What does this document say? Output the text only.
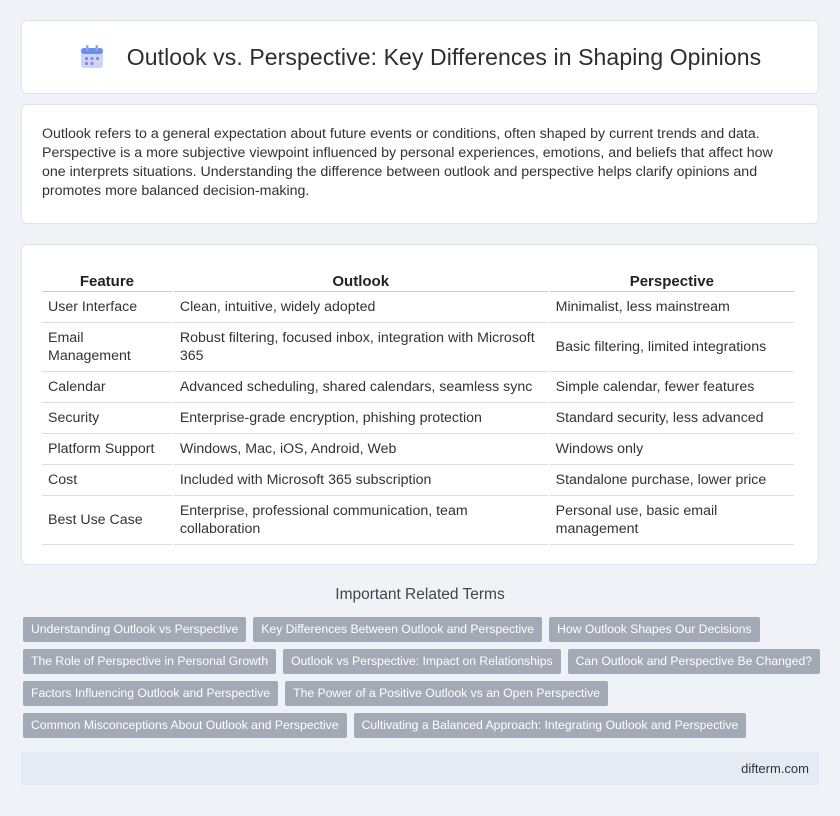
Outlook vs. Perspective: Key Differences in Shaping Opinions

Outlook refers to a general expectation about future events or conditions, often shaped by current trends and data. Perspective is a more subjective viewpoint influenced by personal experiences, emotions, and beliefs that affect how one interprets situations. Understanding the difference between outlook and perspective helps clarify opinions and promotes more balanced decision-making.

Feature	Outlook	Perspective
User Interface	Clean, intuitive, widely adopted	Minimalist, less mainstream
Email Management	Robust filtering, focused inbox, integration with Microsoft 365	Basic filtering, limited integrations
Calendar	Advanced scheduling, shared calendars, seamless sync	Simple calendar, fewer features
Security	Enterprise-grade encryption, phishing protection	Standard security, less advanced
Platform Support	Windows, Mac, iOS, Android, Web	Windows only
Cost	Included with Microsoft 365 subscription	Standalone purchase, lower price
Best Use Case	Enterprise, professional communication, team collaboration	Personal use, basic email management
Important Related Terms
Understanding Outlook vs Perspective	Key Differences Between Outlook and Perspective	How Outlook Shapes Our Decisions
The Role of Perspective in Personal Growth	Outlook vs Perspective: Impact on Relationships	Can Outlook and Perspective Be Changed?
Factors Influencing Outlook and Perspective	The Power of a Positive Outlook vs an Open Perspective
Common Misconceptions About Outlook and Perspective	Cultivating a Balanced Approach: Integrating Outlook and Perspective
difterm.com
